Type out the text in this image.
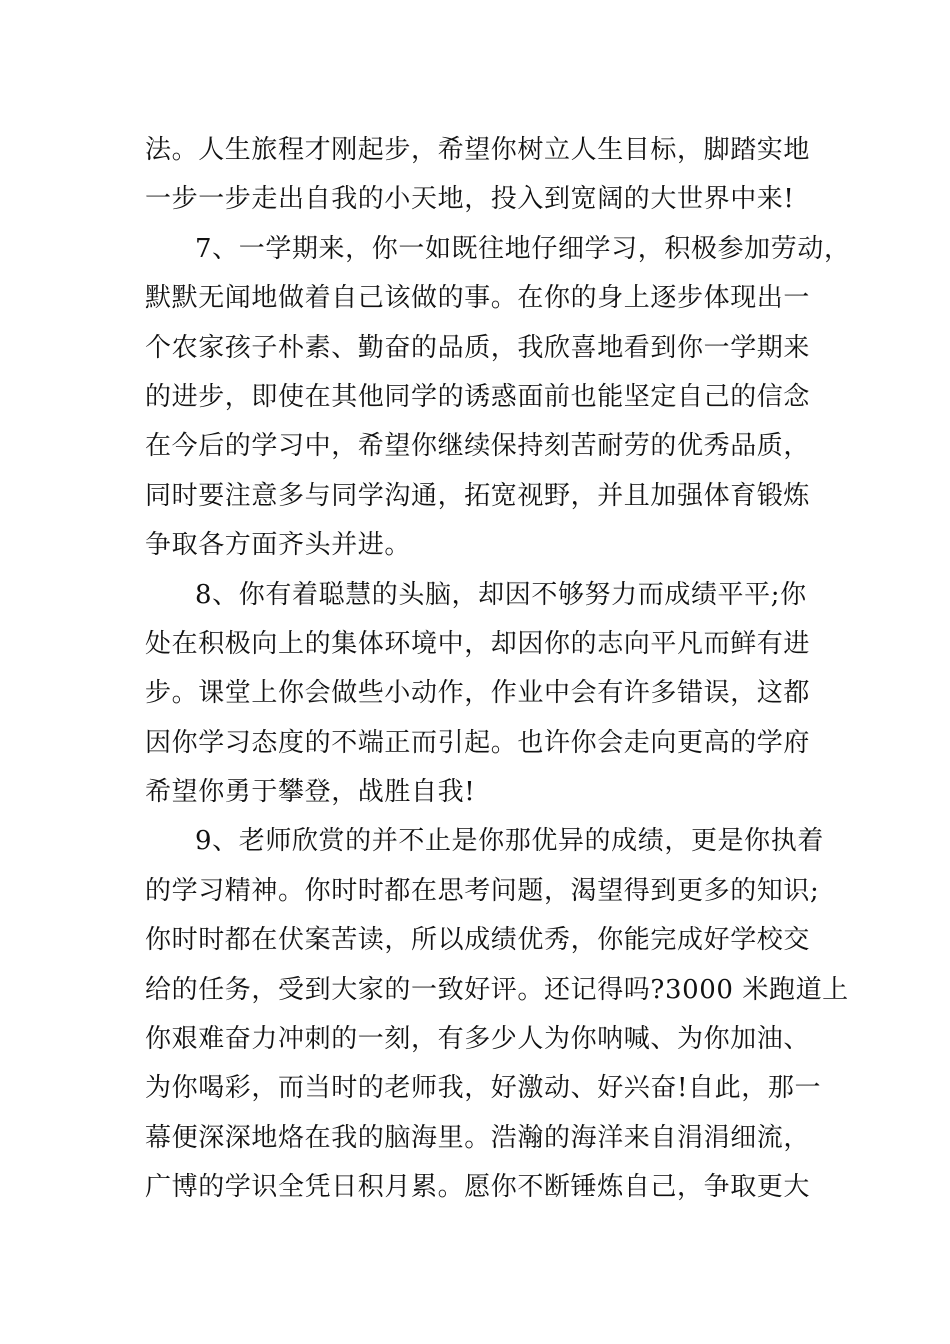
法。人生旅程才刚起步，希望你树立人生目标，脚踏实地
一步一步走出自我的小天地，投入到宽阔的大世界中来!
7、一学期来，你一如既往地仔细学习，积极参加劳动，
默默无闻地做着自己该做的事。在你的身上逐步体现出一
个农家孩子朴素、勤奋的品质，我欣喜地看到你一学期来
的进步，即使在其他同学的诱惑面前也能坚定自己的信念
在今后的学习中，希望你继续保持刻苦耐劳的优秀品质，
同时要注意多与同学沟通，拓宽视野，并且加强体育锻炼
争取各方面齐头并进。
8、你有着聪慧的头脑，却因不够努力而成绩平平;你
处在积极向上的集体环境中，却因你的志向平凡而鲜有进
步。课堂上你会做些小动作，作业中会有许多错误，这都
因你学习态度的不端正而引起。也许你会走向更高的学府
希望你勇于攀登，战胜自我!
9、老师欣赏的并不止是你那优异的成绩，更是你执着
的学习精神。你时时都在思考问题，渴望得到更多的知识;
你时时都在伏案苦读，所以成绩优秀，你能完成好学校交
给的任务，受到大家的一致好评。还记得吗?3000 米跑道上
你艰难奋力冲刺的一刻，有多少人为你呐喊、为你加油、
为你喝彩，而当时的老师我，好激动、好兴奋!自此，那一
幕便深深地烙在我的脑海里。浩瀚的海洋来自涓涓细流，
广博的学识全凭日积月累。愿你不断锤炼自己，争取更大
